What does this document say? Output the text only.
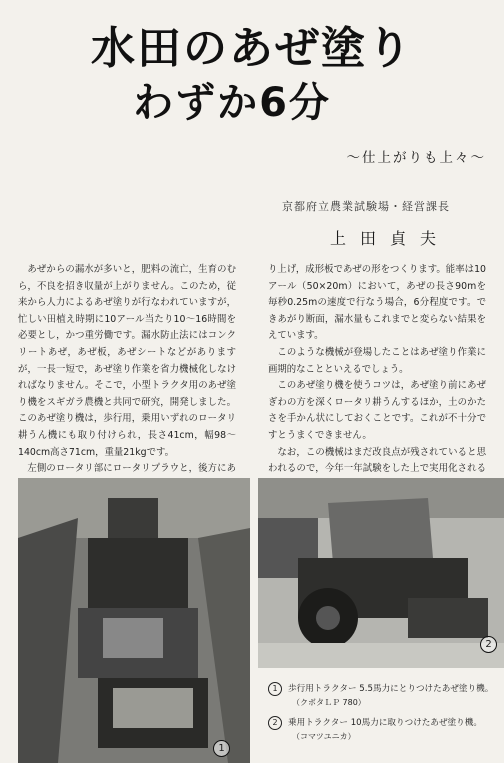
水田のあぜ塗り
わずか6分
〜仕上がりも上々〜
京都府立農業試験場・経営課長
上田貞夫

あぜからの漏水が多いと，肥料の流亡，生育のむら，不良を招き収量が上がりません。このため，従来から人力によるあぜ塗りが行なわれていますが，忙しい田植え時期に10アール当たり10〜16時間を必要とし，かつ重労働です。漏水防止法にはコンクリートあぜ，あぜ板，あぜシートなどがありますが，一長一短で，あぜ塗り作業を省力機械化しなければなりません。そこで，小型トラクタ用のあぜ塗り機をスギガラ農機と共同で研究，開発しました。このあぜ塗り機は，歩行用，乗用いずれのロータリ耕うん機にも取り付けられ，長さ41cm，幅98〜140cm高さ71cm，重量21kgです。

左側のロータリ部にロータリプラウと，後方にあ

り上げ，成形板であぜの形をつくります。能率は10アール（50×20m）において，あぜの長さ90mを毎秒0.25mの速度で行なう場合，6分程度です。できあがり断面，漏水量もこれまでと変らない結果をえています。

このような機械が登場したことはあぜ塗り作業に画期的なことといえるでしょう。

このあぜ塗り機を使うコツは，あぜ塗り前にあぜぎわの方を深くロータリ耕うんするほか，土のかたさを手かん状にしておくことです。これが不十分ですとうまくできません。

なお，この機械はまだ改良点が残されていると思われるので，今年一年試験をした上で実用化される

1
2
1 歩行用トラクター 5.5馬力にとりつけたあぜ塗り機。
（クボタＬＰ 780）
2 乗用トラクター 10馬力に取りつけたあぜ塗り機。
（コマツユニカ）
